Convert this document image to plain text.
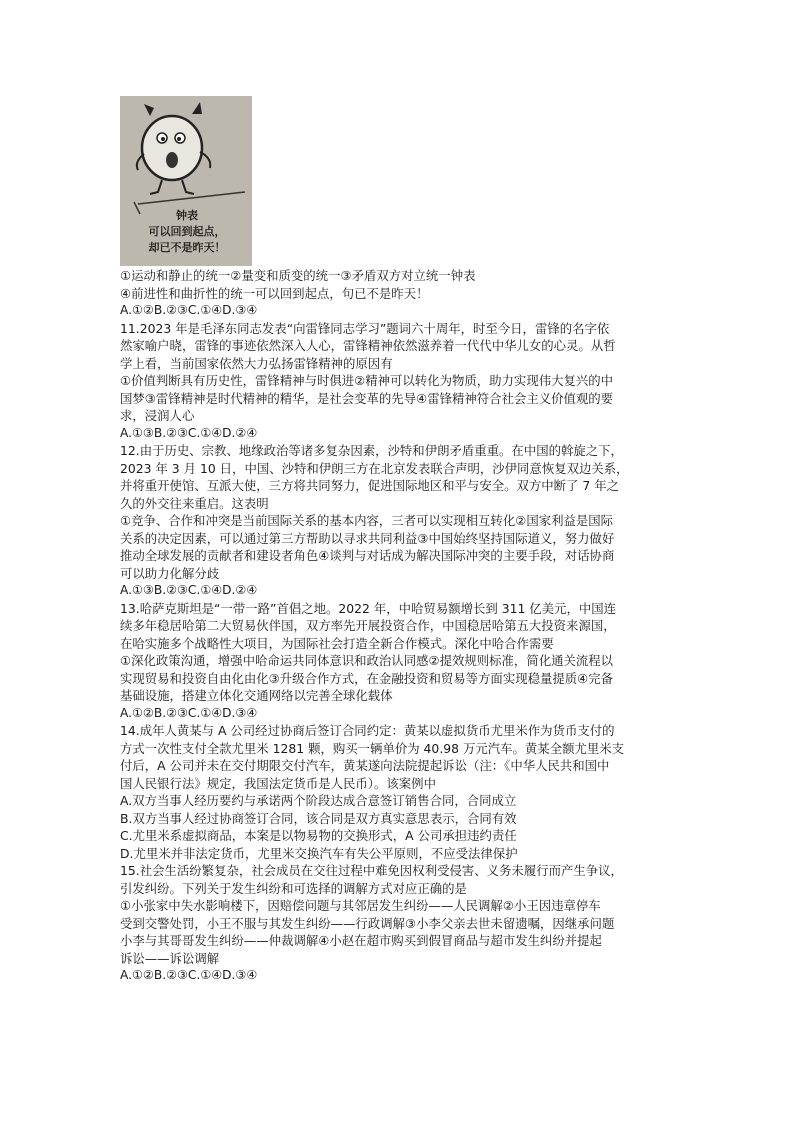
钟表
可以回到起点，
却已不是昨天！
①运动和静止的统一②量变和质变的统一③矛盾双方对立统一钟表
④前进性和曲折性的统一可以回到起点，句已不是昨天！
A.①②B.②③C.①④D.③④
11.2023 年是毛泽东同志发表“向雷锋同志学习”题词六十周年，时至今日，雷锋的名字依
然家喻户晓，雷锋的事迹依然深入人心，雷锋精神依然滋养着一代代中华儿女的心灵。从哲
学上看，当前国家依然大力弘扬雷锋精神的原因有
①价值判断具有历史性，雷锋精神与时俱进②精神可以转化为物质，助力实现伟大复兴的中
国梦③雷锋精神是时代精神的精华，是社会变革的先导④雷锋精神符合社会主义价值观的要
求，浸润人心
A.①③B.②③C.①④D.②④
12.由于历史、宗教、地缘政治等诸多复杂因素，沙特和伊朗矛盾重重。在中国的斡旋之下，
2023 年 3 月 10 日，中国、沙特和伊朗三方在北京发表联合声明，沙伊同意恢复双边关系，
并将重开使馆、互派大使，三方将共同努力，促进国际地区和平与安全。双方中断了 7 年之
久的外交往来重启。这表明
①竞争、合作和冲突是当前国际关系的基本内容，三者可以实现相互转化②国家利益是国际
关系的决定因素，可以通过第三方帮助以寻求共同利益③中国始终坚持国际道义，努力做好
推动全球发展的贡献者和建设者角色④谈判与对话成为解决国际冲突的主要手段，对话协商
可以助力化解分歧
A.①③B.②③C.①④D.②④
13.哈萨克斯坦是“一带一路”首倡之地。2022 年，中哈贸易额增长到 311 亿美元，中国连
续多年稳居哈第二大贸易伙伴国，双方率先开展投资合作，中国稳居哈第五大投资来源国，
在哈实施多个战略性大项目，为国际社会打造全新合作模式。深化中哈合作需要
①深化政策沟通，增强中哈命运共同体意识和政治认同感②提效规则标准，简化通关流程以
实现贸易和投资自由化由化③升级合作方式，在金融投资和贸易等方面实现稳量提质④完备
基础设施，搭建立体化交通网络以完善全球化载体
A.①②B.②③C.①④D.③④
14.成年人黄某与 A 公司经过协商后签订合同约定：黄某以虚拟货币尤里米作为货币支付的
方式一次性支付全款尤里米 1281 颗，购买一辆单价为 40.98 万元汽车。黄某全额尤里米支
付后，A 公司并未在交付期限交付汽车，黄某遂向法院提起诉讼（注：《中华人民共和国中
国人民银行法》规定，我国法定货币是人民币）。该案例中
A.双方当事人经历要约与承诺两个阶段达成合意签订销售合同，合同成立
B.双方当事人经过协商签订合同，该合同是双方真实意思表示，合同有效
C.尤里米系虚拟商品，本案是以物易物的交换形式，A 公司承担违约责任
D.尤里米并非法定货币，尤里米交换汽车有失公平原则，不应受法律保护
15.社会生活纷繁复杂，社会成员在交往过程中难免因权利受侵害、义务未履行而产生争议，
引发纠纷。下列关于发生纠纷和可选择的调解方式对应正确的是
①小张家中失水影响楼下，因赔偿问题与其邻居发生纠纷——人民调解②小王因违章停车
受到交警处罚，小王不服与其发生纠纷——行政调解③小李父亲去世未留遗嘱，因继承问题
小李与其哥哥发生纠纷——仲裁调解④小赵在超市购买到假冒商品与超市发生纠纷并提起
诉讼——诉讼调解
A.①②B.②③C.①④D.③④
